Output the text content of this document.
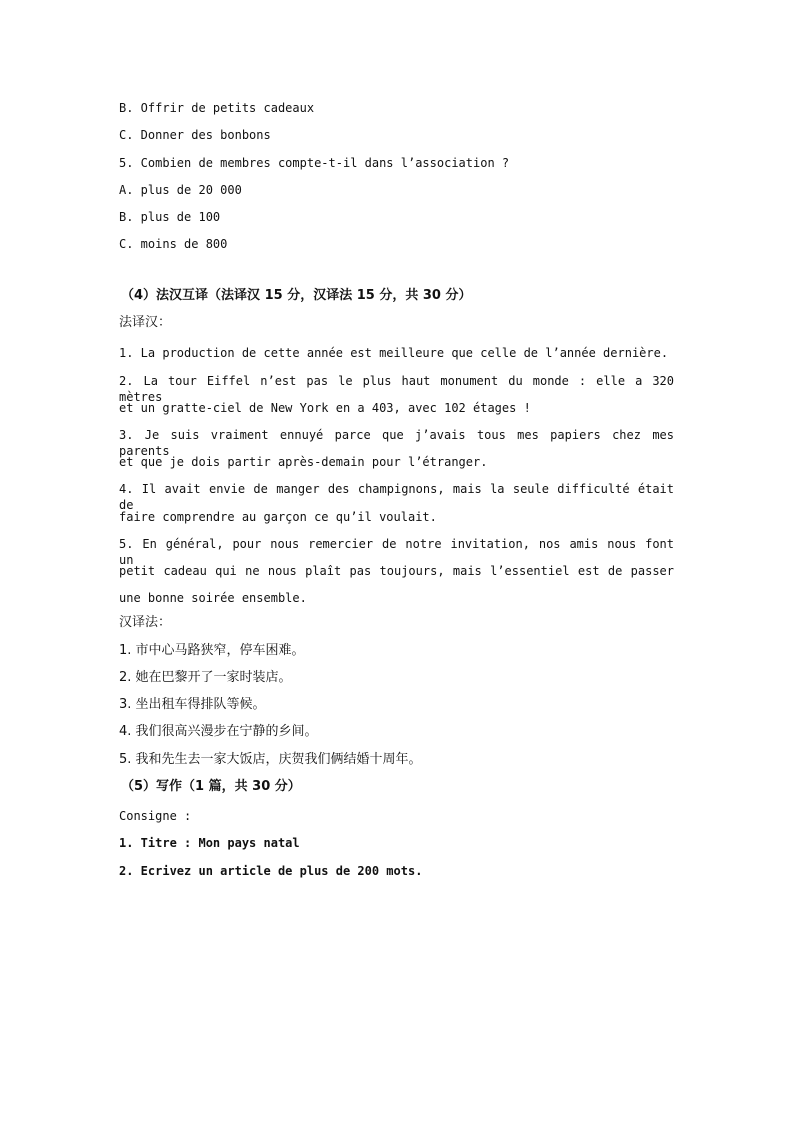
B. Offrir de petits cadeaux
C. Donner des bonbons
5. Combien de membres compte-t-il dans l’association ?
A. plus de 20 000
B. plus de 100
C. moins de 800
（4）法汉互译（法译汉 15 分，汉译法 15 分，共 30 分）
法译汉：
1. La production de cette année est meilleure que celle de l’année dernière.
2. La tour Eiffel n’est pas le plus haut monument du monde : elle a 320 mètres
et un gratte-ciel de New York en a 403, avec 102 étages !
3. Je suis vraiment ennuyé parce que j’avais tous mes papiers chez mes parents
et que je dois partir après-demain pour l’étranger.
4. Il avait envie de manger des champignons, mais la seule difficulté était de
faire comprendre au garçon ce qu’il voulait.
5. En général, pour nous remercier de notre invitation, nos amis nous font un
petit cadeau qui ne nous plaît pas toujours, mais l’essentiel est de passer
une bonne soirée ensemble.
汉译法：
1. 市中心马路狭窄，停车困难。
2. 她在巴黎开了一家时装店。
3. 坐出租车得排队等候。
4. 我们很高兴漫步在宁静的乡间。
5. 我和先生去一家大饭店，庆贺我们俩结婚十周年。
（5）写作（1 篇，共 30 分）
Consigne :
1. Titre : Mon pays natal
2. Ecrivez un article de plus de 200 mots.
